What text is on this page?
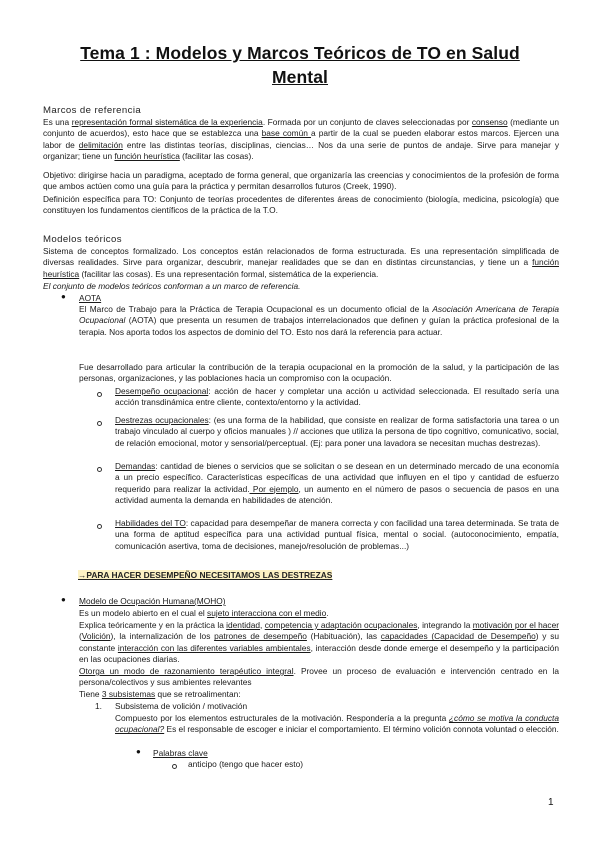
Tema 1 : Modelos y Marcos Teóricos de TO en Salud
Mental
Marcos de referencia
Es una representación formal sistemática de la experiencia. Formada por un conjunto de claves seleccionadas por consenso (mediante un conjunto de acuerdos), esto hace que se establezca una base común a partir de la cual se pueden elaborar estos marcos. Ejercen una labor de delimitación entre las distintas teorías, disciplinas, ciencias… Nos da una serie de puntos de andaje. Sirve para manejar y organizar; tiene un función heurística (facilitar las cosas).
Objetivo: dirigirse hacia un paradigma, aceptado de forma general, que organizaría las creencias y conocimientos de la profesión de forma que ambos actúen como una guía para la práctica y permitan desarrollos futuros (Creek, 1990).
Definición específica para TO: Conjunto de teorías procedentes de diferentes áreas de conocimiento (biología, medicina, psicología) que constituyen los fundamentos científicos de la práctica de la T.O.
Modelos teóricos
Sistema de conceptos formalizado. Los conceptos están relacionados de forma estructurada. Es una representación simplificada de diversas realidades. Sirve para organizar, descubrir, manejar realidades que se dan en distintas circunstancias, y tiene un a función heurística (facilitar las cosas). Es una representación formal, sistemática de la experiencia.
El conjunto de modelos teóricos conforman a un marco de referencia.
● AOTA
El Marco de Trabajo para la Práctica de Terapia Ocupacional es un documento oficial de la Asociación Americana de Terapia Ocupacional (AOTA) que presenta un resumen de trabajos interrelacionados que definen y guían la práctica profesional de la terapia. Nos aporta todos los aspectos de dominio del TO. Esto nos dará la referencia para actuar.
Fue desarrollado para articular la contribución de la terapia ocupacional en la promoción de la salud, y la participación de las personas, organizaciones, y las poblaciones hacia un compromiso con la ocupación.
Desempeño ocupacional: acción de hacer y completar una acción u actividad seleccionada. El resultado sería una acción transdinámica entre cliente, contexto/entorno y la actividad.
Destrezas ocupacionales: (es una forma de la habilidad, que consiste en realizar de forma satisfactoria una tarea o un trabajo vinculado al cuerpo y oficios manuales ) // acciones que utiliza la persona de tipo cognitivo, comunicativo, social, de relación emocional, motor y sensorial/perceptual. (Ej: para poner una lavadora se necesitan muchas destrezas).
Demandas: cantidad de bienes o servicios que se solicitan o se desean en un determinado mercado de una economía a un precio específico. Características específicas de una actividad que influyen en el tipo y cantidad de esfuerzo requerido para realizar la actividad. Por ejemplo, un aumento en el número de pasos o secuencia de pasos en una actividad aumenta la demanda en habilidades de atención.
Habilidades del TO: capacidad para desempeñar de manera correcta y con facilidad una tarea determinada. Se trata de una forma de aptitud específica para una actividad puntual física, mental o social. (autoconocimiento, empatía, comunicación asertiva, toma de decisiones, manejo/resolución de problemas...)
→PARA HACER DESEMPEÑO NECESITAMOS LAS DESTREZAS
● Modelo de Ocupación Humana(MOHO)
Es un modelo abierto en el cual el sujeto interacciona con el medio.
Explica teóricamente y en la práctica la identidad, competencia y adaptación ocupacionales, integrando la motivación por el hacer (Volición), la internalización de los patrones de desempeño (Habituación), las capacidades (Capacidad de Desempeño) y su constante interacción con las diferentes variables ambientales, interacción desde donde emerge el desempeño y la participación en las ocupaciones diarias.
Otorga un modo de razonamiento terapéutico integral. Provee un proceso de evaluación e intervención centrado en la persona/colectivos y sus ambientes relevantes
Tiene 3 subsistemas que se retroalimentan:
1. Subsistema de volición / motivación
Compuesto por los elementos estructurales de la motivación. Respondería a la pregunta ¿cómo se motiva la conducta ocupacional? Es el responsable de escoger e iniciar el comportamiento. El término volición connota voluntad o elección.
● Palabras clave
anticipo (tengo que hacer esto)
1
